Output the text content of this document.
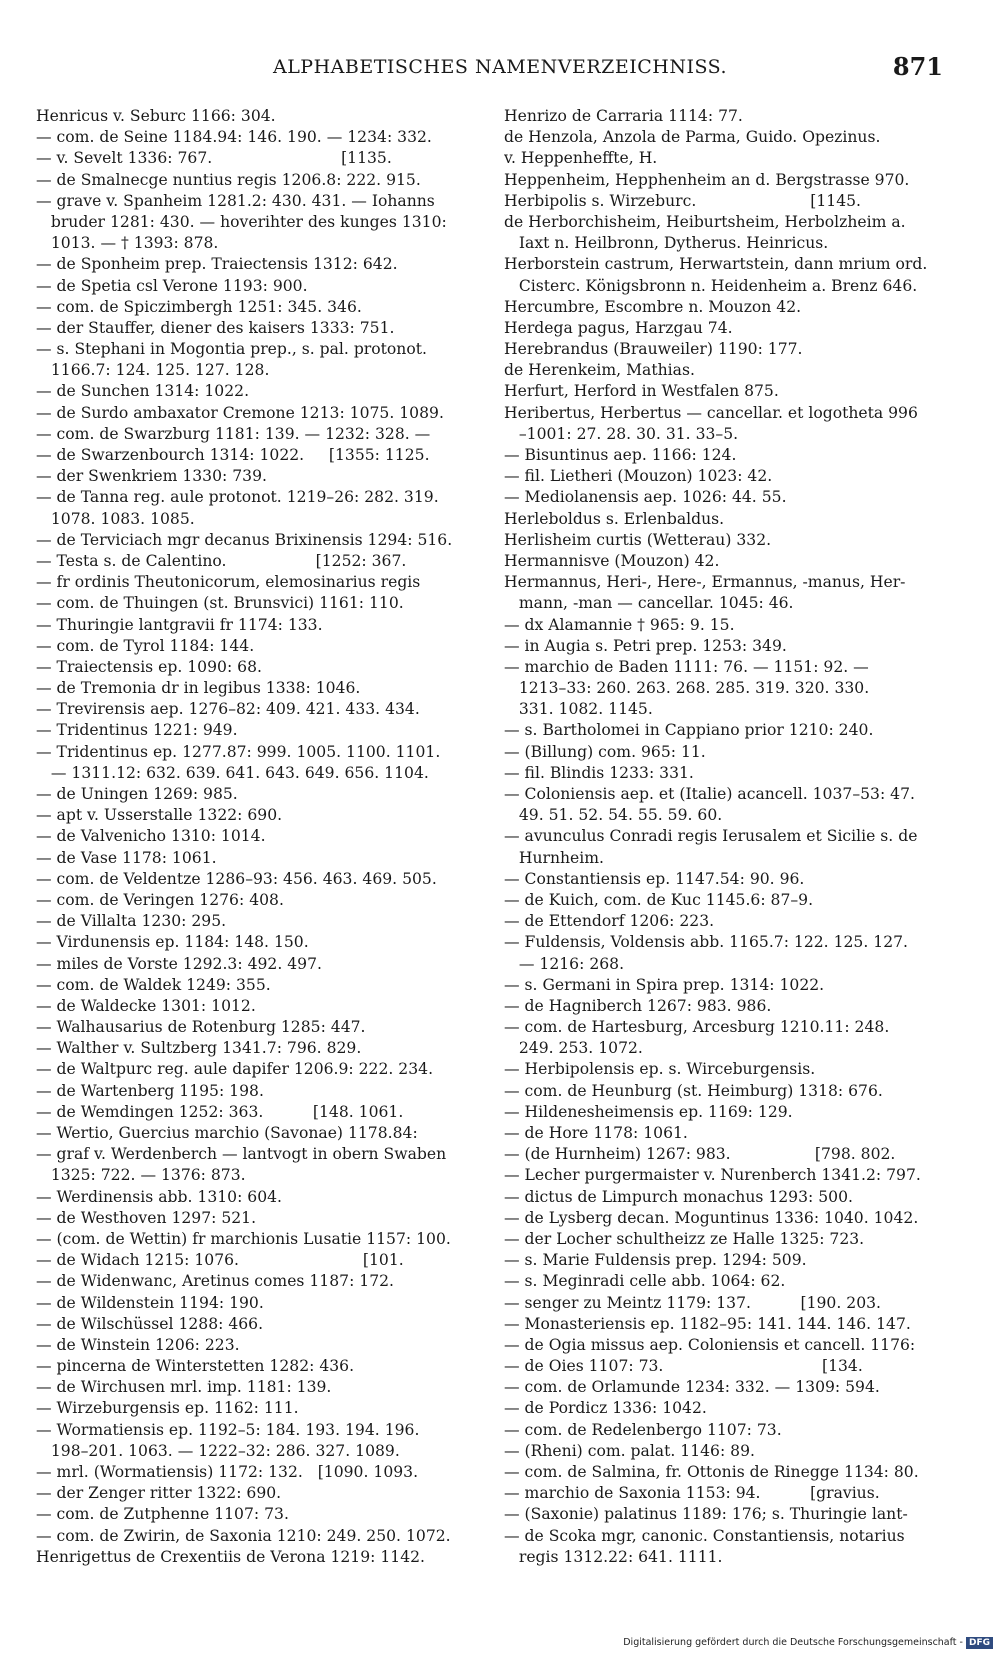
ALPHABETISCHES NAMENVERZEICHNISS.	871
Henricus v. Seburc 1166: 304.
— com. de Seine 1184.94: 146. 190. — 1234: 332.
— v. Sevelt 1336: 767.                          [1135.
— de Smalnecge nuntius regis 1206.8: 222. 915.
— grave v. Spanheim 1281.2: 430. 431. — Iohanns
bruder 1281: 430. — hoverihter des kunges 1310:
1013. — † 1393: 878.
— de Sponheim prep. Traiectensis 1312: 642.
— de Spetia csl Verone 1193: 900.
— com. de Spiczimbergh 1251: 345. 346.
— der Stauffer, diener des kaisers 1333: 751.
— s. Stephani in Mogontia prep., s. pal. protonot.
1166.7: 124. 125. 127. 128.
— de Sunchen 1314: 1022.
— de Surdo ambaxator Cremone 1213: 1075. 1089.
— com. de Swarzburg 1181: 139. — 1232: 328. —
— de Swarzenbourch 1314: 1022.     [1355: 1125.
— der Swenkriem 1330: 739.
— de Tanna reg. aule protonot. 1219–26: 282. 319.
1078. 1083. 1085.
— de Terviciach mgr decanus Brixinensis 1294: 516.
— Testa s. de Calentino.                  [1252: 367.
— fr ordinis Theutonicorum, elemosinarius regis
— com. de Thuingen (st. Brunsvici) 1161: 110.
— Thuringie lantgravii fr 1174: 133.
— com. de Tyrol 1184: 144.
— Traiectensis ep. 1090: 68.
— de Tremonia dr in legibus 1338: 1046.
— Trevirensis aep. 1276–82: 409. 421. 433. 434.
— Tridentinus 1221: 949.
— Tridentinus ep. 1277.87: 999. 1005. 1100. 1101.
— 1311.12: 632. 639. 641. 643. 649. 656. 1104.
— de Uningen 1269: 985.
— apt v. Usserstalle 1322: 690.
— de Valvenicho 1310: 1014.
— de Vase 1178: 1061.
— com. de Veldentze 1286–93: 456. 463. 469. 505.
— com. de Veringen 1276: 408.
— de Villalta 1230: 295.
— Virdunensis ep. 1184: 148. 150.
— miles de Vorste 1292.3: 492. 497.
— com. de Waldek 1249: 355.
— de Waldecke 1301: 1012.
— Walhausarius de Rotenburg 1285: 447.
— Walther v. Sultzberg 1341.7: 796. 829.
— de Waltpurc reg. aule dapifer 1206.9: 222. 234.
— de Wartenberg 1195: 198.
— de Wemdingen 1252: 363.          [148. 1061.
— Wertio, Guercius marchio (Savonae) 1178.84:
— graf v. Werdenberch — lantvogt in obern Swaben
1325: 722. — 1376: 873.
— Werdinensis abb. 1310: 604.
— de Westhoven 1297: 521.
— (com. de Wettin) fr marchionis Lusatie 1157: 100.
— de Widach 1215: 1076.                         [101.
— de Widenwanc, Aretinus comes 1187: 172.
— de Wildenstein 1194: 190.
— de Wilschüssel 1288: 466.
— de Winstein 1206: 223.
— pincerna de Winterstetten 1282: 436.
— de Wirchusen mrl. imp. 1181: 139.
— Wirzeburgensis ep. 1162: 111.
— Wormatiensis ep. 1192–5: 184. 193. 194. 196.
198–201. 1063. — 1222–32: 286. 327. 1089.
— mrl. (Wormatiensis) 1172: 132.   [1090. 1093.
— der Zenger ritter 1322: 690.
— com. de Zutphenne 1107: 73.
— com. de Zwirin, de Saxonia 1210: 249. 250. 1072.
Henrigettus de Crexentiis de Verona 1219: 1142.
Henrizo de Carraria 1114: 77.
de Henzola, Anzola de Parma, Guido. Opezinus.
v. Heppenheffte, H.
Heppenheim, Hepphenheim an d. Bergstrasse 970.
Herbipolis s. Wirzeburc.                       [1145.
de Herborchisheim, Heiburtsheim, Herbolzheim a.
Iaxt n. Heilbronn, Dytherus. Heinricus.
Herborstein castrum, Herwartstein, dann mrium ord.
Cisterc. Königsbronn n. Heidenheim a. Brenz 646.
Hercumbre, Escombre n. Mouzon 42.
Herdega pagus, Harzgau 74.
Herebrandus (Brauweiler) 1190: 177.
de Herenkeim, Mathias.
Herfurt, Herford in Westfalen 875.
Heribertus, Herbertus — cancellar. et logotheta 996
–1001: 27. 28. 30. 31. 33–5.
— Bisuntinus aep. 1166: 124.
— fil. Lietheri (Mouzon) 1023: 42.
— Mediolanensis aep. 1026: 44. 55.
Herleboldus s. Erlenbaldus.
Herlisheim curtis (Wetterau) 332.
Hermannisve (Mouzon) 42.
Hermannus, Heri-, Here-, Ermannus, -manus, Her-
mann, -man — cancellar. 1045: 46.
— dx Alamannie † 965: 9. 15.
— in Augia s. Petri prep. 1253: 349.
— marchio de Baden 1111: 76. — 1151: 92. —
1213–33: 260. 263. 268. 285. 319. 320. 330.
331. 1082. 1145.
— s. Bartholomei in Cappiano prior 1210: 240.
— (Billung) com. 965: 11.
— fil. Blindis 1233: 331.
— Coloniensis aep. et (Italie) acancell. 1037–53: 47.
49. 51. 52. 54. 55. 59. 60.
— avunculus Conradi regis Ierusalem et Sicilie s. de
Hurnheim.
— Constantiensis ep. 1147.54: 90. 96.
— de Kuich, com. de Kuc 1145.6: 87–9.
— de Ettendorf 1206: 223.
— Fuldensis, Voldensis abb. 1165.7: 122. 125. 127.
— 1216: 268.
— s. Germani in Spira prep. 1314: 1022.
— de Hagniberch 1267: 983. 986.
— com. de Hartesburg, Arcesburg 1210.11: 248.
249. 253. 1072.
— Herbipolensis ep. s. Wirceburgensis.
— com. de Heunburg (st. Heimburg) 1318: 676.
— Hildenesheimensis ep. 1169: 129.
— de Hore 1178: 1061.
— (de Hurnheim) 1267: 983.                 [798. 802.
— Lecher purgermaister v. Nurenberch 1341.2: 797.
— dictus de Limpurch monachus 1293: 500.
— de Lysberg decan. Moguntinus 1336: 1040. 1042.
— der Locher schultheizz ze Halle 1325: 723.
— s. Marie Fuldensis prep. 1294: 509.
— s. Meginradi celle abb. 1064: 62.
— senger zu Meintz 1179: 137.          [190. 203.
— Monasteriensis ep. 1182–95: 141. 144. 146. 147.
— de Ogia missus aep. Coloniensis et cancell. 1176:
— de Oies 1107: 73.                                [134.
— com. de Orlamunde 1234: 332. — 1309: 594.
— de Pordicz 1336: 1042.
— com. de Redelenbergo 1107: 73.
— (Rheni) com. palat. 1146: 89.
— com. de Salmina, fr. Ottonis de Rinegge 1134: 80.
— marchio de Saxonia 1153: 94.          [gravius.
— (Saxonie) palatinus 1189: 176; s. Thuringie lant-
— de Scoka mgr, canonic. Constantiensis, notarius
regis 1312.22: 641. 1111.
Digitalisierung gefördert durch die Deutsche Forschungsgemeinschaft - DFG
